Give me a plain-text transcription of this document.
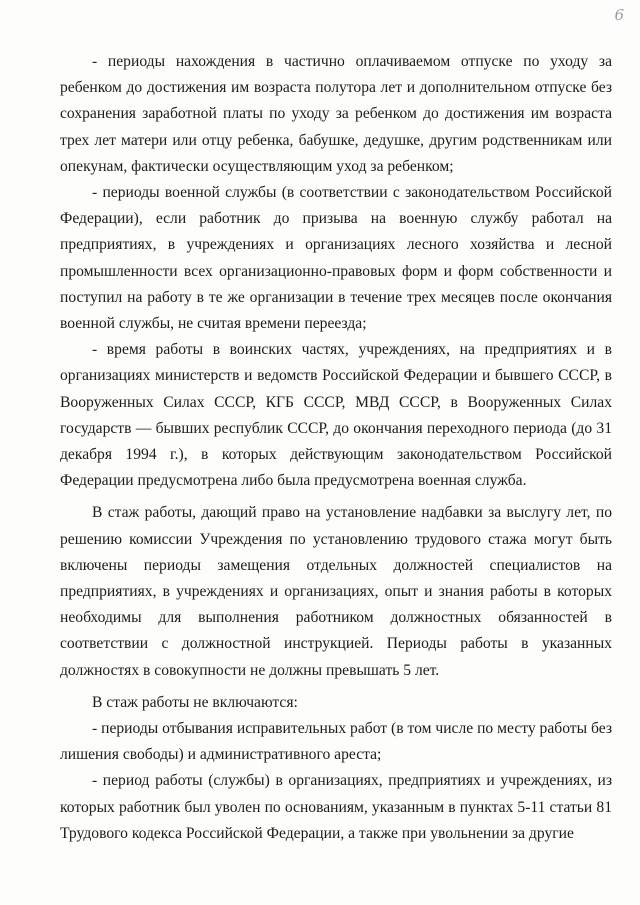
6

- периоды нахождения в частично оплачиваемом отпуске по уходу за ребенком до достижения им возраста полутора лет и дополнительном отпуске без сохранения заработной платы по уходу за ребенком до достижения им возраста трех лет матери или отцу ребенка, бабушке, дедушке, другим родственникам или опекунам, фактически осуществляющим уход за ребенком;

- периоды военной службы (в соответствии с законодательством Российской Федерации), если работник до призыва на военную службу работал на предприятиях, в учреждениях и организациях лесного хозяйства и лесной промышленности всех организационно-правовых форм и форм собственности и поступил на работу в те же организации в течение трех месяцев после окончания военной службы, не считая времени переезда;

- время работы в воинских частях, учреждениях, на предприятиях и в организациях министерств и ведомств Российской Федерации и бывшего СССР, в Вооруженных Силах СССР, КГБ СССР, МВД СССР, в Вооруженных Силах государств — бывших республик СССР, до окончания переходного периода (до 31 декабря 1994 г.), в которых действующим законодательством Российской Федерации предусмотрена либо была предусмотрена военная служба.

В стаж работы, дающий право на установление надбавки за выслугу лет, по решению комиссии Учреждения по установлению трудового стажа могут быть включены периоды замещения отдельных должностей специалистов на предприятиях, в учреждениях и организациях, опыт и знания работы в которых необходимы для выполнения работником должностных обязанностей в соответствии с должностной инструкцией. Периоды работы в указанных должностях в совокупности не должны превышать 5 лет.

В стаж работы не включаются:

- периоды отбывания исправительных работ (в том числе по месту работы без лишения свободы) и административного ареста;

- период работы (службы) в организациях, предприятиях и учреждениях, из которых работник был уволен по основаниям, указанным в пунктах 5-11 статьи 81 Трудового кодекса Российской Федерации, а также при увольнении за другие
